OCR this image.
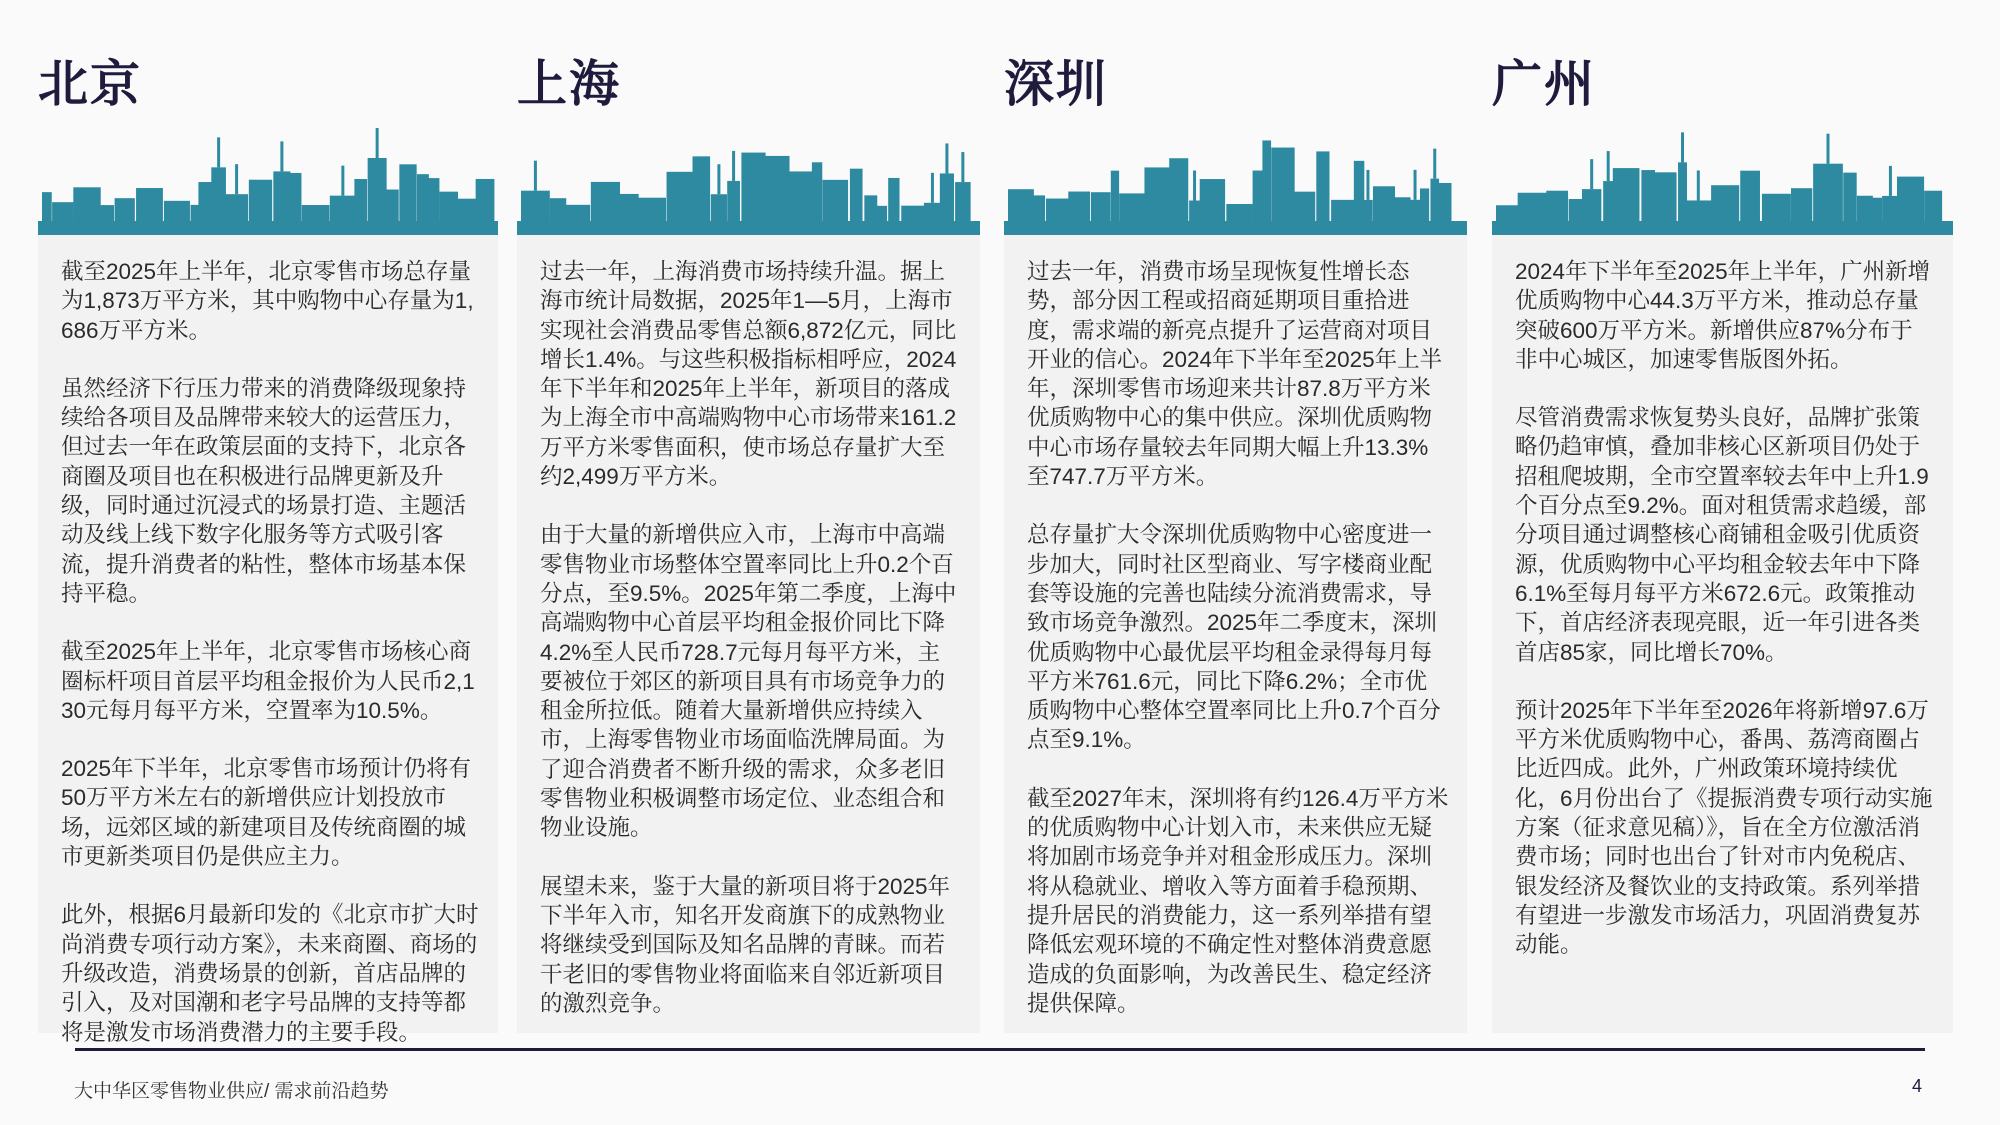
北京

截至2025年上半年，北京零售市场总存量为1,873万平方米，其中购物中心存量为1,686万平方米。

虽然经济下行压力带来的消费降级现象持续给各项目及品牌带来较大的运营压力，但过去一年在政策层面的支持下，北京各商圈及项目也在积极进行品牌更新及升级，同时通过沉浸式的场景打造、主题活动及线上线下数字化服务等方式吸引客流，提升消费者的粘性，整体市场基本保持平稳。

截至2025年上半年，北京零售市场核心商圈标杆项目首层平均租金报价为人民币2,130元每月每平方米，空置率为10.5%。

2025年下半年，北京零售市场预计仍将有50万平方米左右的新增供应计划投放市场，远郊区域的新建项目及传统商圈的城市更新类项目仍是供应主力。

此外，根据6月最新印发的《北京市扩大时尚消费专项行动方案》，未来商圈、商场的升级改造，消费场景的创新，首店品牌的引入，及对国潮和老字号品牌的支持等都将是激发市场消费潜力的主要手段。

上海

过去一年，上海消费市场持续升温。据上海市统计局数据，2025年1—5月，上海市实现社会消费品零售总额6,872亿元，同比增长1.4%。与这些积极指标相呼应，2024年下半年和2025年上半年，新项目的落成为上海全市中高端购物中心市场带来161.2万平方米零售面积，使市场总存量扩大至约2,499万平方米。

由于大量的新增供应入市，上海市中高端零售物业市场整体空置率同比上升0.2个百分点，至9.5%。2025年第二季度，上海中高端购物中心首层平均租金报价同比下降4.2%至人民币728.7元每月每平方米，主要被位于郊区的新项目具有市场竞争力的租金所拉低。随着大量新增供应持续入市，上海零售物业市场面临洗牌局面。为了迎合消费者不断升级的需求，众多老旧零售物业积极调整市场定位、业态组合和物业设施。

展望未来，鉴于大量的新项目将于2025年下半年入市，知名开发商旗下的成熟物业将继续受到国际及知名品牌的青睐。而若干老旧的零售物业将面临来自邻近新项目的激烈竞争。

深圳

过去一年，消费市场呈现恢复性增长态势，部分因工程或招商延期项目重拾进度，需求端的新亮点提升了运营商对项目开业的信心。2024年下半年至2025年上半年，深圳零售市场迎来共计87.8万平方米优质购物中心的集中供应。深圳优质购物中心市场存量较去年同期大幅上升13.3%至747.7万平方米。

总存量扩大令深圳优质购物中心密度进一步加大，同时社区型商业、写字楼商业配套等设施的完善也陆续分流消费需求，导致市场竞争激烈。2025年二季度末，深圳优质购物中心最优层平均租金录得每月每平方米761.6元，同比下降6.2%；全市优质购物中心整体空置率同比上升0.7个百分点至9.1%。

截至2027年末，深圳将有约126.4万平方米的优质购物中心计划入市，未来供应无疑将加剧市场竞争并对租金形成压力。深圳将从稳就业、增收入等方面着手稳预期、提升居民的消费能力，这一系列举措有望降低宏观环境的不确定性对整体消费意愿造成的负面影响，为改善民生、稳定经济提供保障。

广州

2024年下半年至2025年上半年，广州新增优质购物中心44.3万平方米，推动总存量突破600万平方米。新增供应87%分布于非中心城区，加速零售版图外拓。

尽管消费需求恢复势头良好，品牌扩张策略仍趋审慎，叠加非核心区新项目仍处于招租爬坡期，全市空置率较去年中上升1.9个百分点至9.2%。面对租赁需求趋缓，部分项目通过调整核心商铺租金吸引优质资源，优质购物中心平均租金较去年中下降6.1%至每月每平方米672.6元。政策推动下，首店经济表现亮眼，近一年引进各类首店85家，同比增长70%。

预计2025年下半年至2026年将新增97.6万平方米优质购物中心，番禺、荔湾商圈占比近四成。此外，广州政策环境持续优化，6月份出台了《提振消费专项行动实施方案（征求意见稿）》，旨在全方位激活消费市场；同时也出台了针对市内免税店、银发经济及餐饮业的支持政策。系列举措有望进一步激发市场活力，巩固消费复苏动能。

大中华区零售物业供应/ 需求前沿趋势	4
